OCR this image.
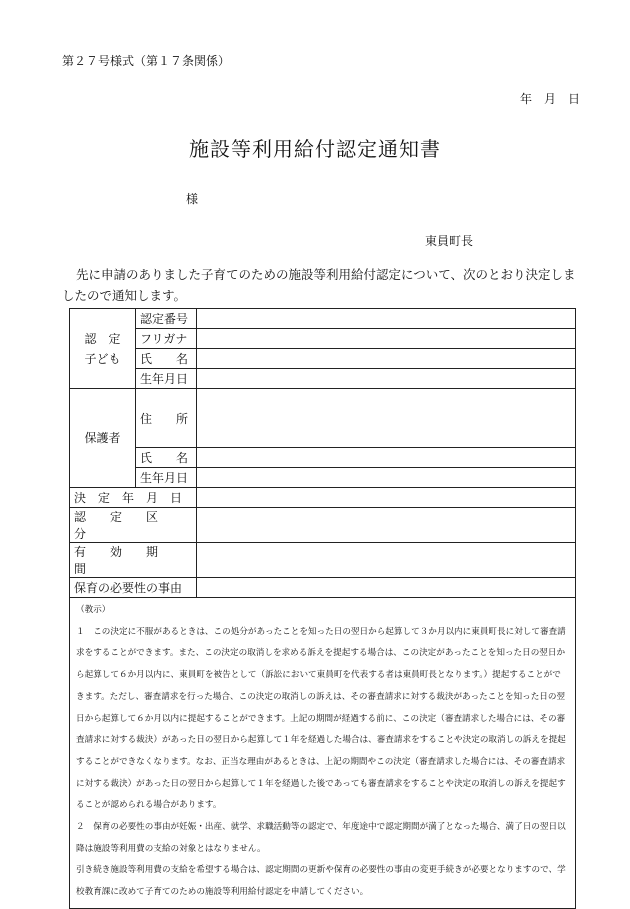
第２７号様式（第１７条関係）
年 月 日
施設等利用給付認定通知書
様
東員町長
先に申請のありました子育てのための施設等利用給付認定について、次のとおり決定しましたので通知します。
認　定
子ども	認定番号	
	フリガナ	
	氏　　名	
	生年月日	
保護者	住　　所	
	氏　　名	
	生年月日	
決　定　年　月　日		
認　　定　　区　　分		
有　　効　　期　　間		
保育の必要性の事由		

（教示）

１　この決定に不服があるときは、この処分があったことを知った日の翌日から起算して３か月以内に東員町長に対して審査請求をすることができます。また、この決定の取消しを求める訴えを提起する場合は、この決定があったことを知った日の翌日から起算して６か月以内に、東員町を被告として（訴訟において東員町を代表する者は東員町長となります。）提起することができます。ただし、審査請求を行った場合、この決定の取消しの訴えは、その審査請求に対する裁決があったことを知った日の翌日から起算して６か月以内に提起することができます。上記の期間が経過する前に、この決定（審査請求した場合には、その審査請求に対する裁決）があった日の翌日から起算して１年を経過した場合は、審査請求をすることや決定の取消しの訴えを提起することができなくなります。なお、正当な理由があるときは、上記の期間やこの決定（審査請求した場合には、その審査請求に対する裁決）があった日の翌日から起算して１年を経過した後であっても審査請求をすることや決定の取消しの訴えを提起することが認められる場合があります。

２　保育の必要性の事由が妊娠・出産、就学、求職活動等の認定で、年度途中で認定期間が満了となった場合、満了日の翌日以降は施設等利用費の支給の対象とはなりません。

引き続き施設等利用費の支給を希望する場合は、認定期間の更新や保育の必要性の事由の変更手続きが必要となりますので、学校教育課に改めて子育てのための施設等利用給付認定を申請してください。		
